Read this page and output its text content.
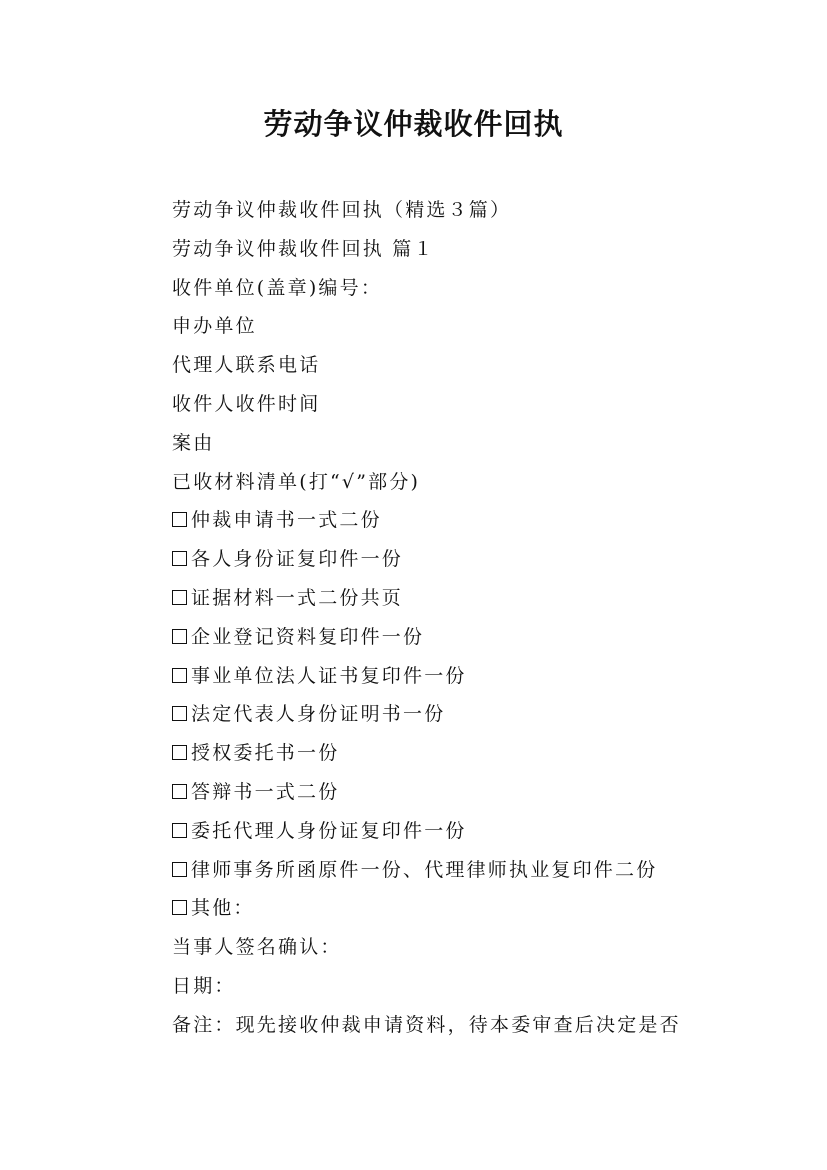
劳动争议仲裁收件回执
劳动争议仲裁收件回执（精选３篇）
劳动争议仲裁收件回执 篇１
收件单位(盖章)编号：
申办单位
代理人联系电话
收件人收件时间
案由
已收材料清单(打“√”部分)
仲裁申请书一式二份
各人身份证复印件一份
证据材料一式二份共页
企业登记资料复印件一份
事业单位法人证书复印件一份
法定代表人身份证明书一份
授权委托书一份
答辩书一式二份
委托代理人身份证复印件一份
律师事务所函原件一份、代理律师执业复印件二份
其他：
当事人签名确认：
日期：
备注：现先接收仲裁申请资料，待本委审查后决定是否
